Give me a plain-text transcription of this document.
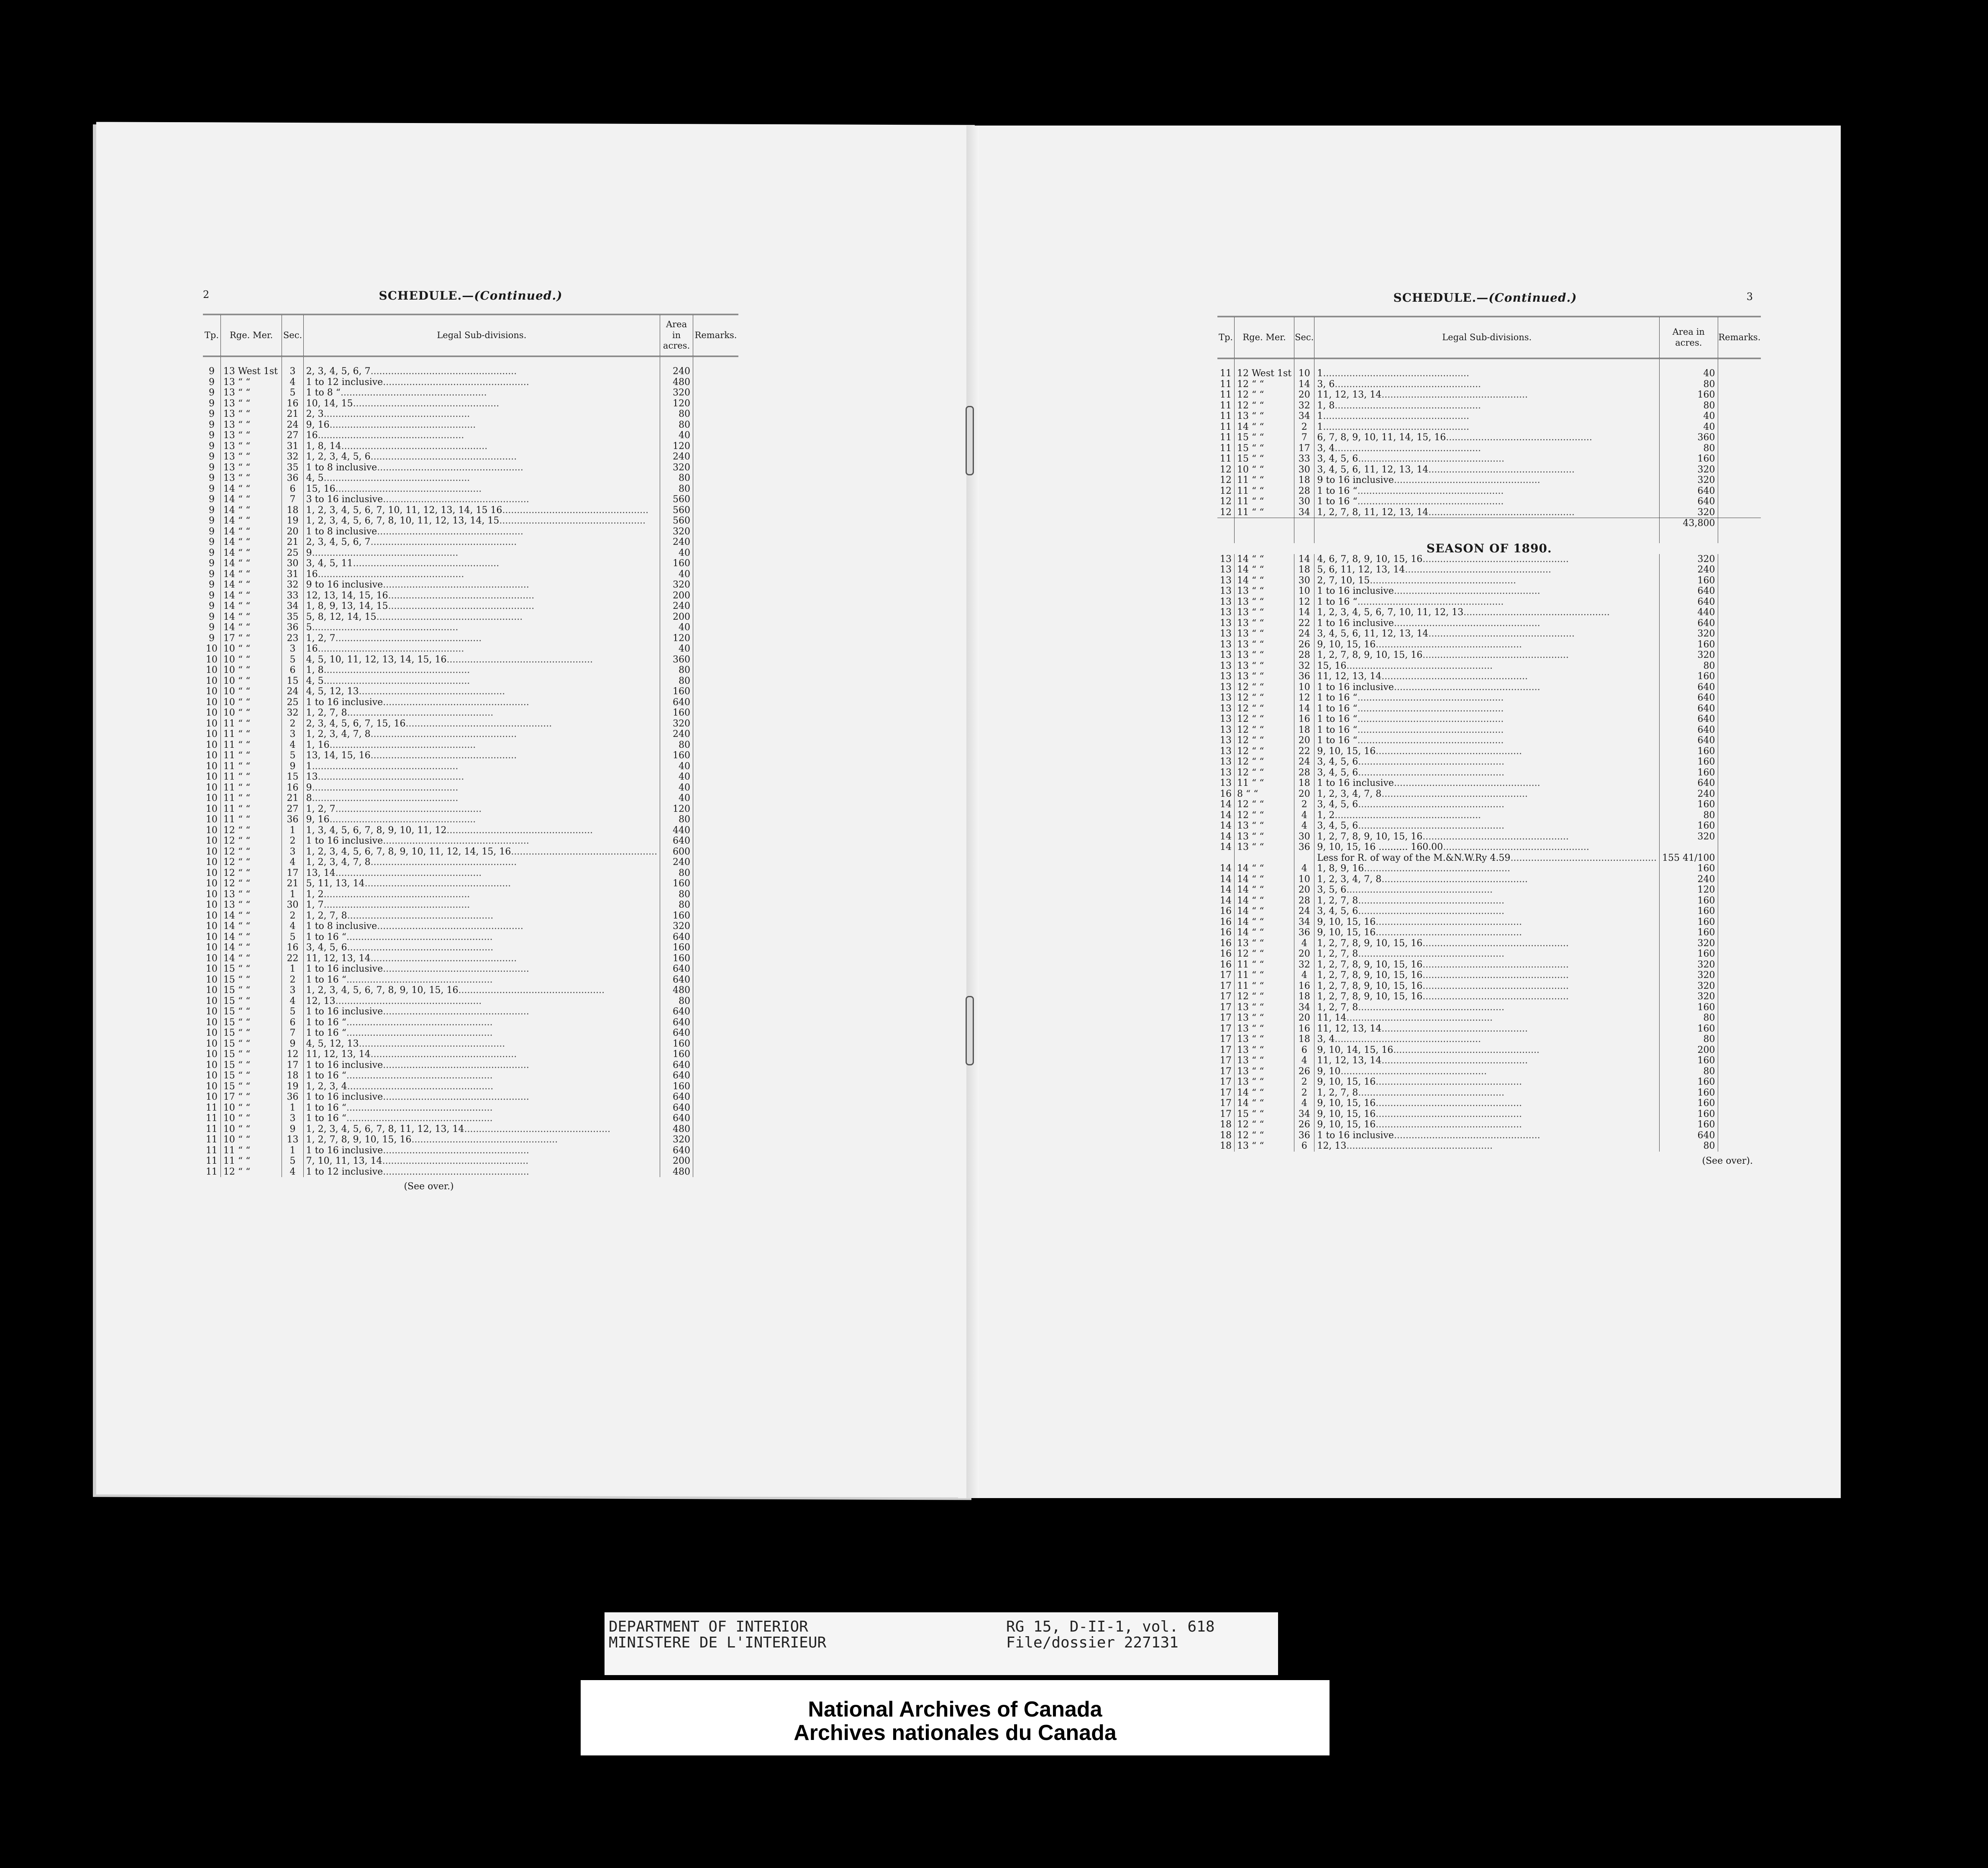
2	SCHEDULE.—(Continued.)
Tp.	Rge. Mer.	Sec.	Legal Sub-divisions.	Area in acres.	Remarks.
9	13 West 1st	3	2, 3, 4, 5, 6, 7..................................................	240	
9	13 “ “	4	1 to 12 inclusive..................................................	480	
9	13 “ “	5	1 to 8 “..................................................	320	
9	13 “ “	16	10, 14, 15..................................................	120	
9	13 “ “	21	2, 3..................................................	80	
9	13 “ “	24	9, 16..................................................	80	
9	13 “ “	27	16..................................................	40	
9	13 “ “	31	1, 8, 14..................................................	120	
9	13 “ “	32	1, 2, 3, 4, 5, 6..................................................	240	
9	13 “ “	35	1 to 8 inclusive..................................................	320	
9	13 “ “	36	4, 5..................................................	80	
9	14 “ “	6	15, 16..................................................	80	
9	14 “ “	7	3 to 16 inclusive..................................................	560	
9	14 “ “	18	1, 2, 3, 4, 5, 6, 7, 10, 11, 12, 13, 14, 15 16..................................................	560	
9	14 “ “	19	1, 2, 3, 4, 5, 6, 7, 8, 10, 11, 12, 13, 14, 15..................................................	560	
9	14 “ “	20	1 to 8 inclusive..................................................	320	
9	14 “ “	21	2, 3, 4, 5, 6, 7..................................................	240	
9	14 “ “	25	9..................................................	40	
9	14 “ “	30	3, 4, 5, 11..................................................	160	
9	14 “ “	31	16..................................................	40	
9	14 “ “	32	9 to 16 inclusive..................................................	320	
9	14 “ “	33	12, 13, 14, 15, 16..................................................	200	
9	14 “ “	34	1, 8, 9, 13, 14, 15..................................................	240	
9	14 “ “	35	5, 8, 12, 14, 15..................................................	200	
9	14 “ “	36	5..................................................	40	
9	17 “ “	23	1, 2, 7..................................................	120	
10	10 “ “	3	16..................................................	40	
10	10 “ “	5	4, 5, 10, 11, 12, 13, 14, 15, 16..................................................	360	
10	10 “ “	6	1, 8..................................................	80	
10	10 “ “	15	4, 5..................................................	80	
10	10 “ “	24	4, 5, 12, 13..................................................	160	
10	10 “ “	25	1 to 16 inclusive..................................................	640	
10	10 “ “	32	1, 2, 7, 8..................................................	160	
10	11 “ “	2	2, 3, 4, 5, 6, 7, 15, 16..................................................	320	
10	11 “ “	3	1, 2, 3, 4, 7, 8..................................................	240	
10	11 “ “	4	1, 16..................................................	80	
10	11 “ “	5	13, 14, 15, 16..................................................	160	
10	11 “ “	9	1..................................................	40	
10	11 “ “	15	13..................................................	40	
10	11 “ “	16	9..................................................	40	
10	11 “ “	21	8..................................................	40	
10	11 “ “	27	1, 2, 7..................................................	120	
10	11 “ “	36	9, 16..................................................	80	
10	12 “ “	1	1, 3, 4, 5, 6, 7, 8, 9, 10, 11, 12..................................................	440	
10	12 “ “	2	1 to 16 inclusive..................................................	640	
10	12 “ “	3	1, 2, 3, 4, 5, 6, 7, 8, 9, 10, 11, 12, 14, 15, 16..................................................	600	
10	12 “ “	4	1, 2, 3, 4, 7, 8..................................................	240	
10	12 “ “	17	13, 14..................................................	80	
10	12 “ “	21	5, 11, 13, 14..................................................	160	
10	13 “ “	1	1, 2..................................................	80	
10	13 “ “	30	1, 7..................................................	80	
10	14 “ “	2	1, 2, 7, 8..................................................	160	
10	14 “ “	4	1 to 8 inclusive..................................................	320	
10	14 “ “	5	1 to 16 “..................................................	640	
10	14 “ “	16	3, 4, 5, 6..................................................	160	
10	14 “ “	22	11, 12, 13, 14..................................................	160	
10	15 “ “	1	1 to 16 inclusive..................................................	640	
10	15 “ “	2	1 to 16 “..................................................	640	
10	15 “ “	3	1, 2, 3, 4, 5, 6, 7, 8, 9, 10, 15, 16..................................................	480	
10	15 “ “	4	12, 13..................................................	80	
10	15 “ “	5	1 to 16 inclusive..................................................	640	
10	15 “ “	6	1 to 16 “..................................................	640	
10	15 “ “	7	1 to 16 “..................................................	640	
10	15 “ “	9	4, 5, 12, 13..................................................	160	
10	15 “ “	12	11, 12, 13, 14..................................................	160	
10	15 “ “	17	1 to 16 inclusive..................................................	640	
10	15 “ “	18	1 to 16 “..................................................	640	
10	15 “ “	19	1, 2, 3, 4..................................................	160	
10	17 “ “	36	1 to 16 inclusive..................................................	640	
11	10 “ “	1	1 to 16 “..................................................	640	
11	10 “ “	3	1 to 16 “..................................................	640	
11	10 “ “	9	1, 2, 3, 4, 5, 6, 7, 8, 11, 12, 13, 14..................................................	480	
11	10 “ “	13	1, 2, 7, 8, 9, 10, 15, 16..................................................	320	
11	11 “ “	1	1 to 16 inclusive..................................................	640	
11	11 “ “	5	7, 10, 11, 13, 14..................................................	200	
11	12 “ “	4	1 to 12 inclusive..................................................	480	
(See over.)
3
SCHEDULE.—(Continued.)
Tp.	Rge. Mer.	Sec.	Legal Sub-divisions.	Area in acres.	Remarks.
11	12 West 1st	10	1..................................................	40	
11	12 “ “	14	3, 6..................................................	80	
11	12 “ “	20	11, 12, 13, 14..................................................	160	
11	12 “ “	32	1, 8..................................................	80	
11	13 “ “	34	1..................................................	40	
11	14 “ “	2	1..................................................	40	
11	15 “ “	7	6, 7, 8, 9, 10, 11, 14, 15, 16..................................................	360	
11	15 “ “	17	3, 4..................................................	80	
11	15 “ “	33	3, 4, 5, 6..................................................	160	
12	10 “ “	30	3, 4, 5, 6, 11, 12, 13, 14..................................................	320	
12	11 “ “	18	9 to 16 inclusive..................................................	320	
12	11 “ “	28	1 to 16 “..................................................	640	
12	11 “ “	30	1 to 16 “..................................................	640	
12	11 “ “	34	1, 2, 7, 8, 11, 12, 13, 14..................................................	320	
				43,800	
SEASON OF 1890.					
13	14 “ “	14	4, 6, 7, 8, 9, 10, 15, 16..................................................	320	
13	14 “ “	18	5, 6, 11, 12, 13, 14..................................................	240	
13	14 “ “	30	2, 7, 10, 15..................................................	160	
13	13 “ “	10	1 to 16 inclusive..................................................	640	
13	13 “ “	12	1 to 16 “..................................................	640	
13	13 “ “	14	1, 2, 3, 4, 5, 6, 7, 10, 11, 12, 13..................................................	440	
13	13 “ “	22	1 to 16 inclusive..................................................	640	
13	13 “ “	24	3, 4, 5, 6, 11, 12, 13, 14..................................................	320	
13	13 “ “	26	9, 10, 15, 16..................................................	160	
13	13 “ “	28	1, 2, 7, 8, 9, 10, 15, 16..................................................	320	
13	13 “ “	32	15, 16..................................................	80	
13	13 “ “	36	11, 12, 13, 14..................................................	160	
13	12 “ “	10	1 to 16 inclusive..................................................	640	
13	12 “ “	12	1 to 16 “..................................................	640	
13	12 “ “	14	1 to 16 “..................................................	640	
13	12 “ “	16	1 to 16 “..................................................	640	
13	12 “ “	18	1 to 16 “..................................................	640	
13	12 “ “	20	1 to 16 “..................................................	640	
13	12 “ “	22	9, 10, 15, 16..................................................	160	
13	12 “ “	24	3, 4, 5, 6..................................................	160	
13	12 “ “	28	3, 4, 5, 6..................................................	160	
13	11 “ “	18	1 to 16 inclusive..................................................	640	
16	8 “ “	20	1, 2, 3, 4, 7, 8..................................................	240	
14	12 “ “	2	3, 4, 5, 6..................................................	160	
14	12 “ “	4	1, 2..................................................	80	
14	13 “ “	4	3, 4, 5, 6..................................................	160	
14	13 “ “	30	1, 2, 7, 8, 9, 10, 15, 16..................................................	320	
14	13 “ “	36	9, 10, 15, 16 .......... 160.00..................................................		
			Less for R. of way of the M.&N.W.Ry 4.59..................................................	155 41/100	
14	14 “ “	4	1, 8, 9, 16..................................................	160	
14	14 “ “	10	1, 2, 3, 4, 7, 8..................................................	240	
14	14 “ “	20	3, 5, 6..................................................	120	
14	14 “ “	28	1, 2, 7, 8..................................................	160	
16	14 “ “	24	3, 4, 5, 6..................................................	160	
16	14 “ “	34	9, 10, 15, 16..................................................	160	
16	14 “ “	36	9, 10, 15, 16..................................................	160	
16	13 “ “	4	1, 2, 7, 8, 9, 10, 15, 16..................................................	320	
16	12 “ “	20	1, 2, 7, 8..................................................	160	
16	11 “ “	32	1, 2, 7, 8, 9, 10, 15, 16..................................................	320	
17	11 “ “	4	1, 2, 7, 8, 9, 10, 15, 16..................................................	320	
17	11 “ “	16	1, 2, 7, 8, 9, 10, 15, 16..................................................	320	
17	12 “ “	18	1, 2, 7, 8, 9, 10, 15, 16..................................................	320	
17	13 “ “	34	1, 2, 7, 8..................................................	160	
17	13 “ “	20	11, 14..................................................	80	
17	13 “ “	16	11, 12, 13, 14..................................................	160	
17	13 “ “	18	3, 4..................................................	80	
17	13 “ “	6	9, 10, 14, 15, 16..................................................	200	
17	13 “ “	4	11, 12, 13, 14..................................................	160	
17	13 “ “	26	9, 10..................................................	80	
17	13 “ “	2	9, 10, 15, 16..................................................	160	
17	14 “ “	2	1, 2, 7, 8..................................................	160	
17	14 “ “	4	9, 10, 15, 16..................................................	160	
17	15 “ “	34	9, 10, 15, 16..................................................	160	
18	12 “ “	26	9, 10, 15, 16..................................................	160	
18	12 “ “	36	1 to 16 inclusive..................................................	640	
18	13 “ “	6	12, 13..................................................	80	
(See over).
DEPARTMENT OF INTERIOR
MINISTERE DE L'INTERIEUR
RG 15, D-II-1, vol. 618
File/dossier 227131
National Archives of Canada
Archives nationales du Canada
